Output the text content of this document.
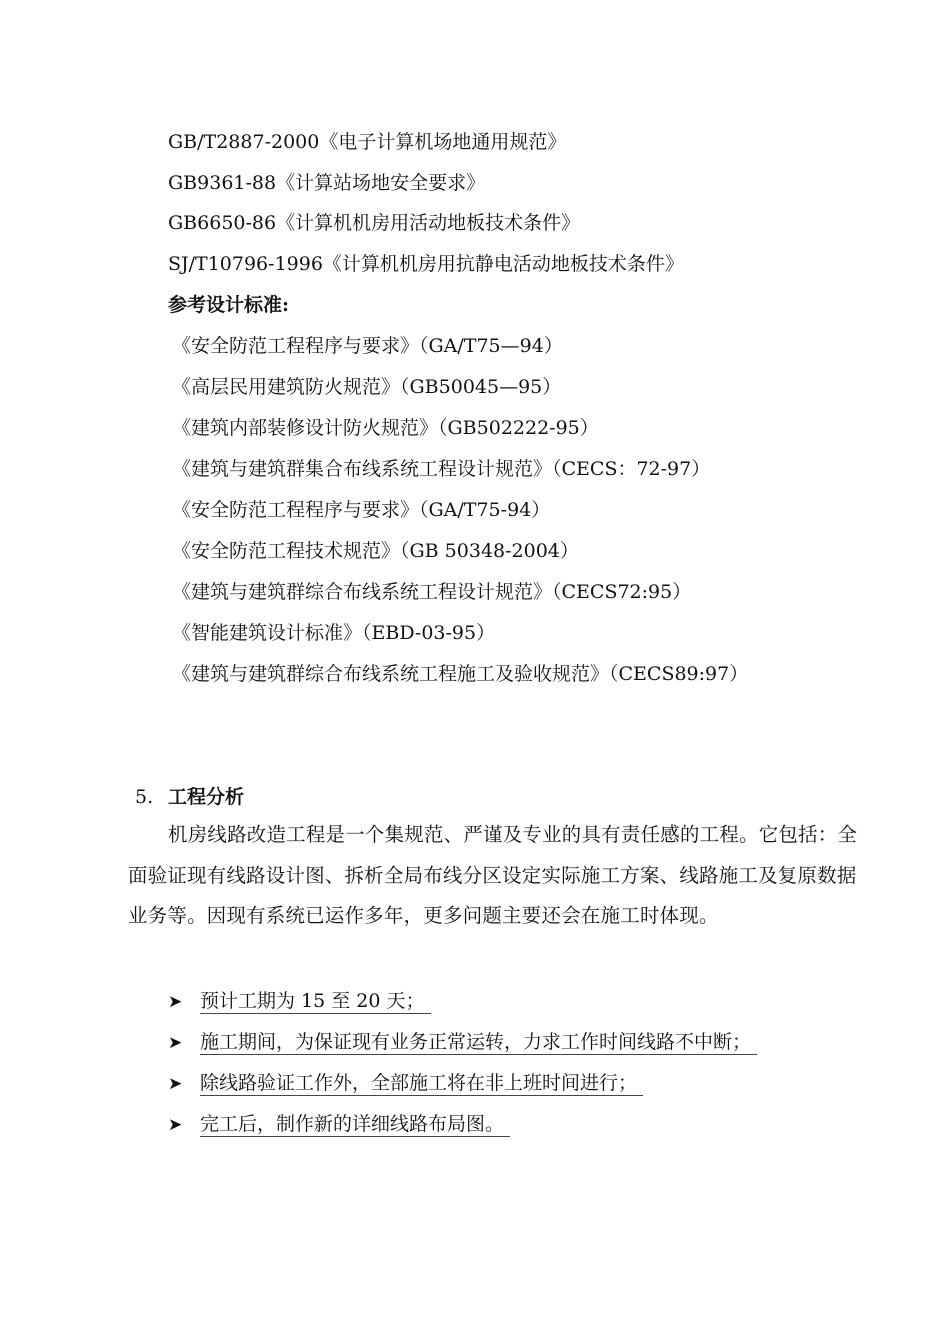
GB/T2887-2000《电子计算机场地通用规范》
GB9361-88《计算站场地安全要求》
GB6650-86《计算机机房用活动地板技术条件》
SJ/T10796-1996《计算机机房用抗静电活动地板技术条件》
参考设计标准:
《安全防范工程程序与要求》（GA/T75—94）
《高层民用建筑防火规范》（GB50045—95）
《建筑内部装修设计防火规范》（GB502222-95）
《建筑与建筑群集合布线系统工程设计规范》（CECS：72-97）
《安全防范工程程序与要求》（GA/T75-94）
《安全防范工程技术规范》（GB 50348-2004）
《建筑与建筑群综合布线系统工程设计规范》（CECS72:95）
《智能建筑设计标准》（EBD-03-95）
《建筑与建筑群综合布线系统工程施工及验收规范》（CECS89:97）
5. 工程分析
机房线路改造工程是一个集规范、严谨及专业的具有责任感的工程。它包括：全面验证现有线路设计图、拆析全局布线分区设定实际施工方案、线路施工及复原数据业务等。因现有系统已运作多年，更多问题主要还会在施工时体现。
➤ 预计工期为 15 至 20 天；
➤ 施工期间，为保证现有业务正常运转，力求工作时间线路不中断；
➤ 除线路验证工作外，全部施工将在非上班时间进行；
➤ 完工后，制作新的详细线路布局图。
